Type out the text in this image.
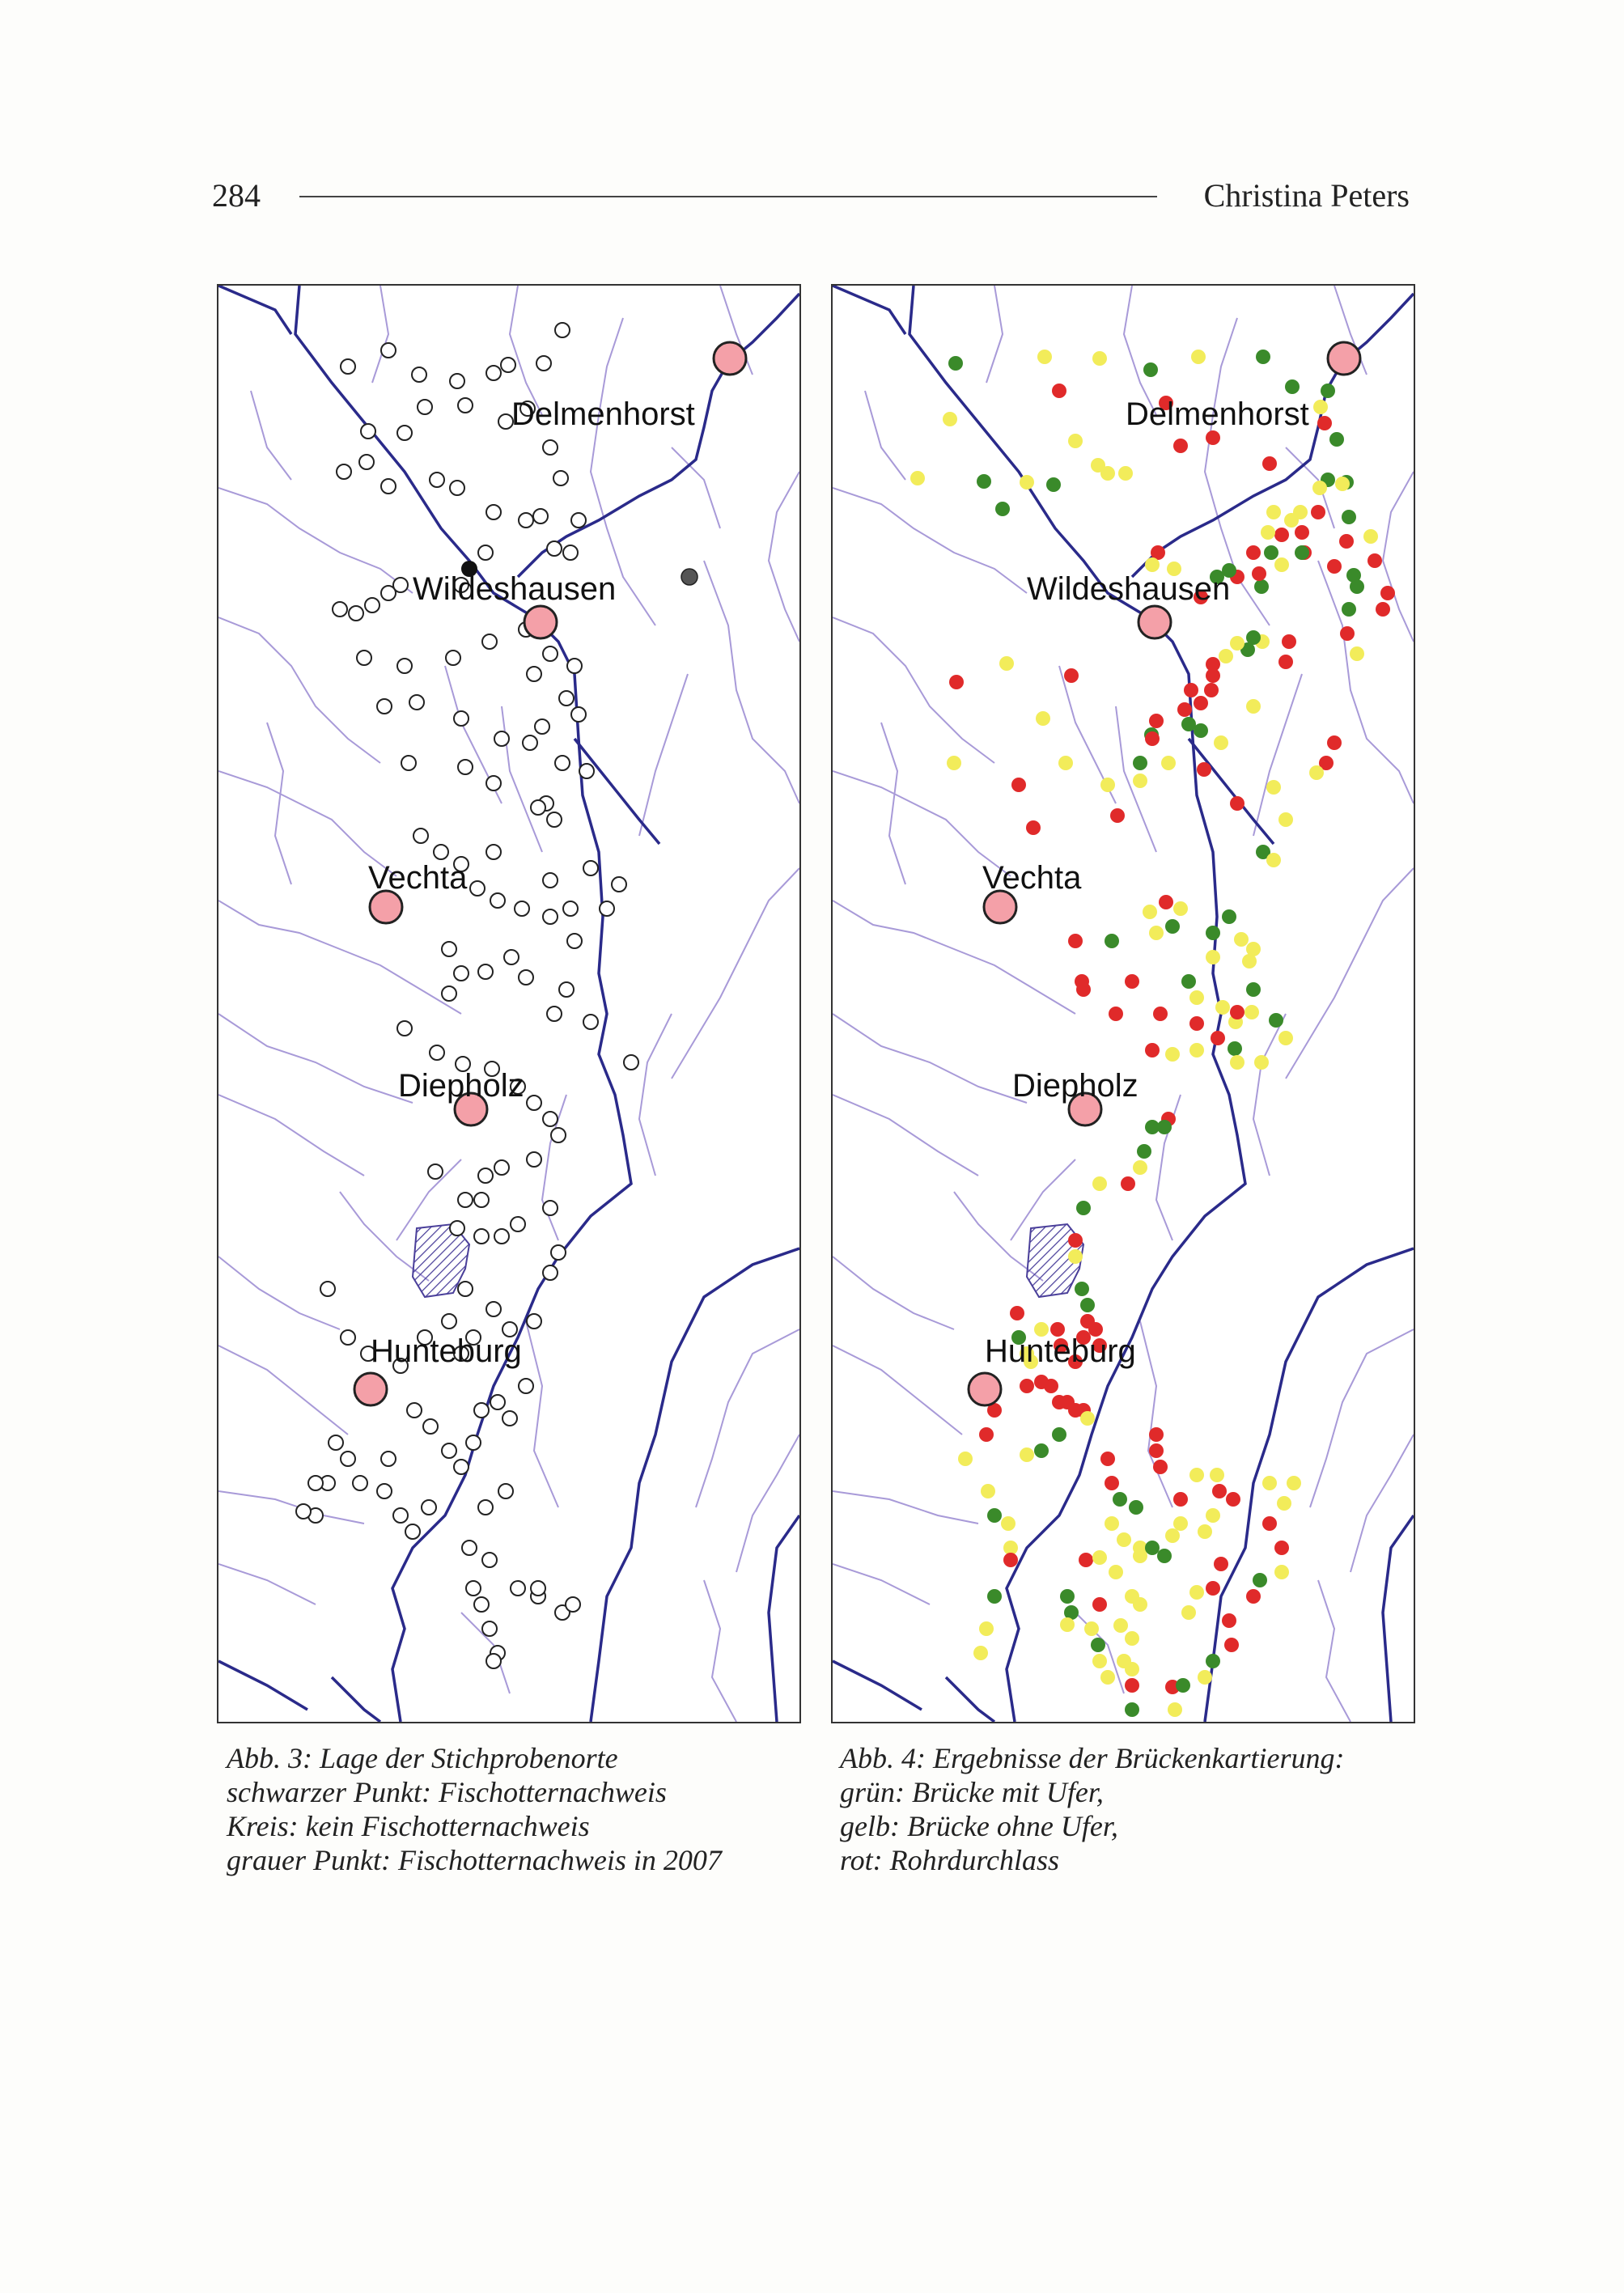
284	Christina Peters
Delmenhorst
Wildeshausen
Vechta
Diepholz
Hunteburg
Delmenhorst
Wildeshausen
Vechta
Diepholz
Hunteburg
Abb. 3: Lage der Stichprobenorte
schwarzer Punkt: Fischotternachweis
Kreis: kein Fischotternachweis
grauer Punkt: Fischotternachweis in 2007
Abb. 4: Ergebnisse der Brückenkartierung:
grün: Brücke mit Ufer,
gelb: Brücke ohne Ufer,
rot: Rohrdurchlass
